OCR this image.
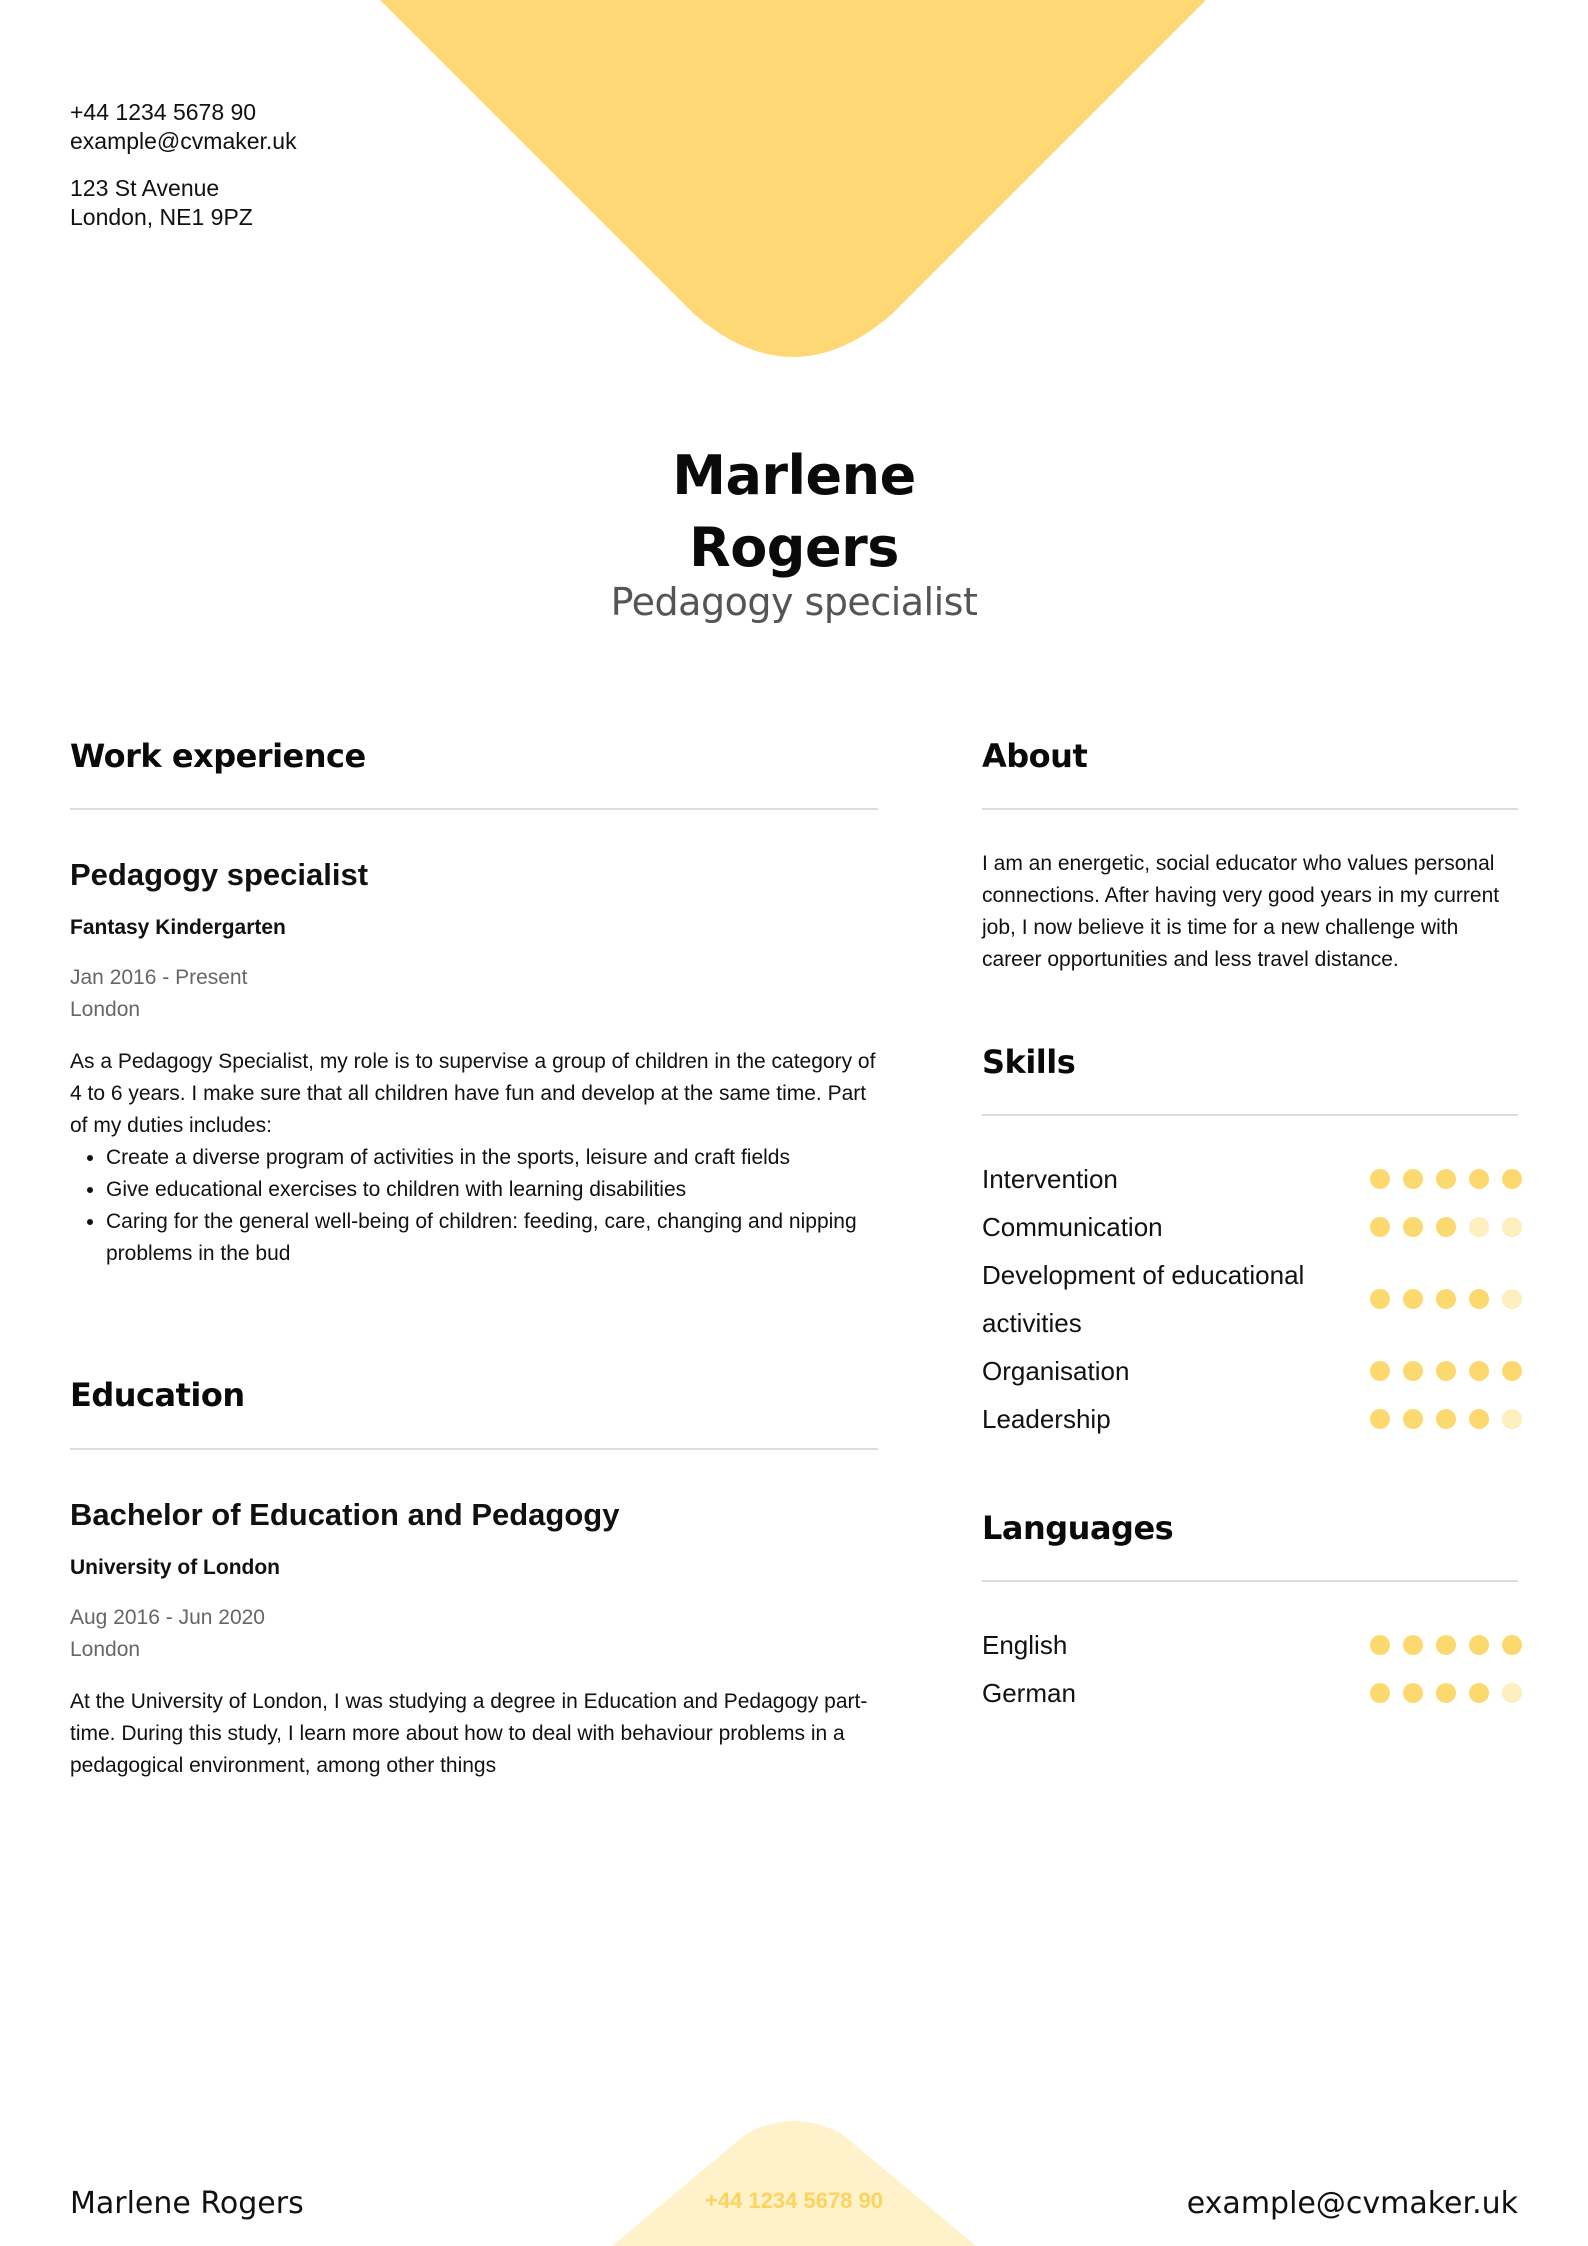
+44 1234 5678 90
example@cvmaker.uk
123 St Avenue
London, NE1 9PZ
Marlene
Rogers
Pedagogy specialist
Work experience
Pedagogy specialist
Fantasy Kindergarten
Jan 2016 - Present
London
As a Pedagogy Specialist, my role is to supervise a group of children in the category of 4 to 6 years. I make sure that all children have fun and develop at the same time. Part of my duties includes:
• Create a diverse program of activities in the sports, leisure and craft fields
• Give educational exercises to children with learning disabilities
• Caring for the general well-being of children: feeding, care, changing and nipping problems in the bud
Education
Bachelor of Education and Pedagogy
University of London
Aug 2016 - Jun 2020
London
At the University of London, I was studying a degree in Education and Pedagogy part-time. During this study, I learn more about how to deal with behaviour problems in a pedagogical environment, among other things
About
I am an energetic, social educator who values personal connections. After having very good years in my current job, I now believe it is time for a new challenge with career opportunities and less travel distance.
Skills
Intervention
Communication
Development of educational activities
Organisation
Leadership
Languages
English
German
Marlene Rogers	+44 1234 5678 90	example@cvmaker.uk
